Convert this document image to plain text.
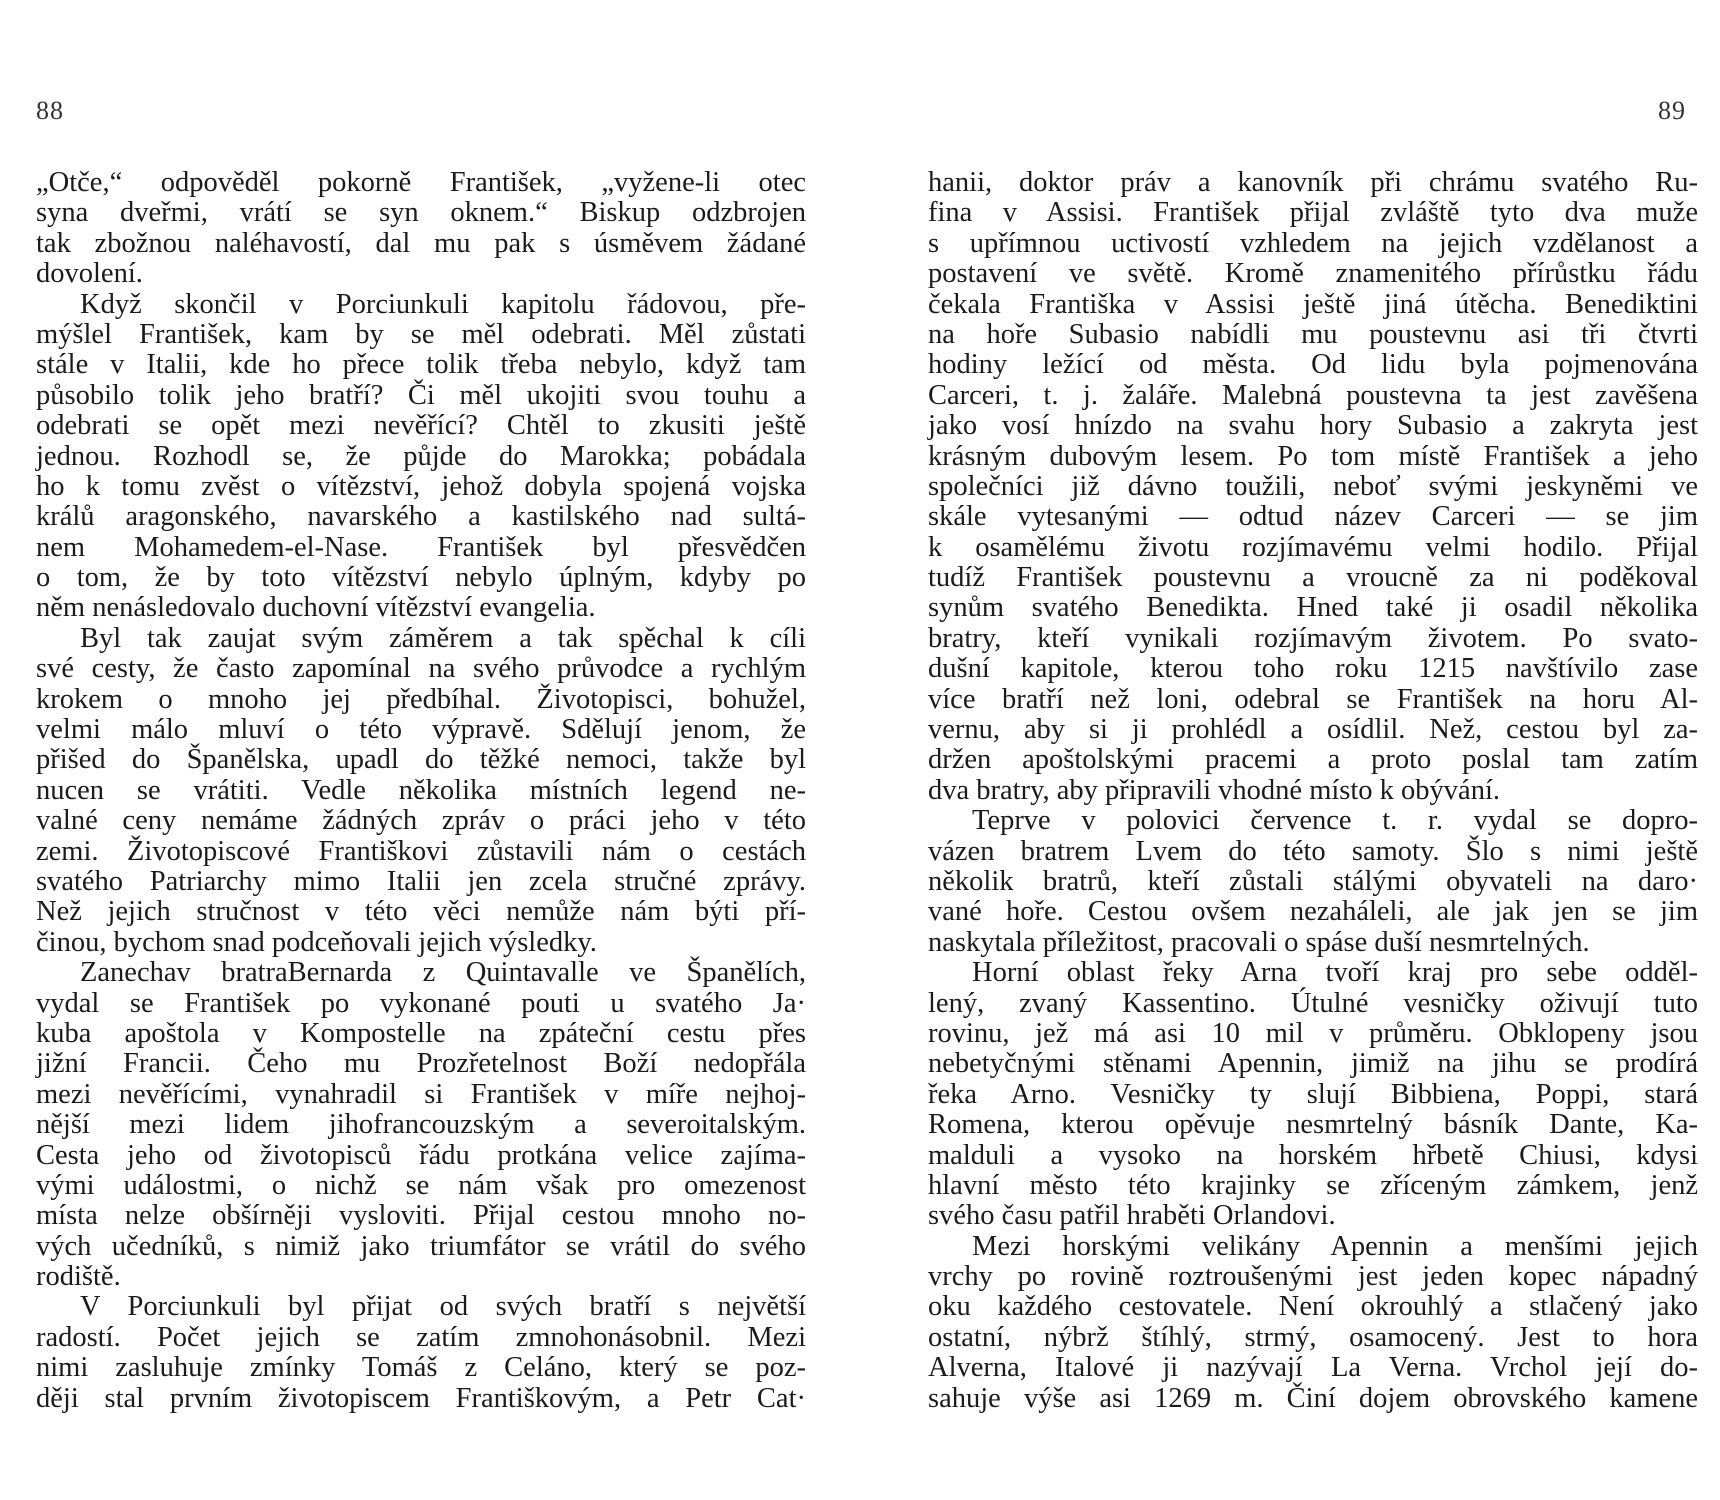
88
„Otče,“ odpověděl pokorně František, „vyžene-li otec
syna dveřmi, vrátí se syn oknem.“ Biskup odzbrojen
tak zbožnou naléhavostí, dal mu pak s úsměvem žádané
dovolení.
Když skončil v Porciunkuli kapitolu řádovou, pře-
mýšlel František, kam by se měl odebrati. Měl zůstati
stále v Italii, kde ho přece tolik třeba nebylo, když tam
působilo tolik jeho bratří? Či měl ukojiti svou touhu a
odebrati se opět mezi nevěřící? Chtěl to zkusiti ještě
jednou. Rozhodl se, že půjde do Marokka; pobádala
ho k tomu zvěst o vítězství, jehož dobyla spojená vojska
králů aragonského, navarského a kastilského nad sultá-
nem Mohamedem-el-Nase. František byl přesvědčen
o tom, že by toto vítězství nebylo úplným, kdyby po
něm nenásledovalo duchovní vítězství evangelia.
Byl tak zaujat svým záměrem a tak spěchal k cíli
své cesty, že často zapomínal na svého průvodce a rychlým
krokem o mnoho jej předbíhal. Životopisci, bohužel,
velmi málo mluví o této výpravě. Sdělují jenom, že
přišed do Španělska, upadl do těžké nemoci, takže byl
nucen se vrátiti. Vedle několika místních legend ne-
valné ceny nemáme žádných zpráv o práci jeho v této
zemi. Životopiscové Františkovi zůstavili nám o cestách
svatého Patriarchy mimo Italii jen zcela stručné zprávy.
Než jejich stručnost v této věci nemůže nám býti pří-
činou, bychom snad podceňovali jejich výsledky.
Zanechav bratraBernarda z Quintavalle ve Španělích,
vydal se František po vykonané pouti u svatého Ja·
kuba apoštola v Kompostelle na zpáteční cestu přes
jižní Francii. Čeho mu Prozřetelnost Boží nedopřála
mezi nevěřícími, vynahradil si František v míře nejhoj-
nější mezi lidem jihofrancouzským a severoitalským.
Cesta jeho od životopisců řádu protkána velice zajíma-
vými událostmi, o nichž se nám však pro omezenost
místa nelze obšírněji vysloviti. Přijal cestou mnoho no-
vých učedníků, s nimiž jako triumfátor se vrátil do svého
rodiště.
V Porciunkuli byl přijat od svých bratří s největší
radostí. Počet jejich se zatím zmnohonásobnil. Mezi
nimi zasluhuje zmínky Tomáš z Celáno, který se poz-
ději stal prvním životopiscem Františkovým, a Petr Cat·
89
hanii, doktor práv a kanovník při chrámu svatého Ru-
fina v Assisi. František přijal zvláště tyto dva muže
s upřímnou uctivostí vzhledem na jejich vzdělanost a
postavení ve světě. Kromě znamenitého přírůstku řádu
čekala Františka v Assisi ještě jiná útěcha. Benediktini
na hoře Subasio nabídli mu poustevnu asi tři čtvrti
hodiny ležící od města. Od lidu byla pojmenována
Carceri, t. j. žaláře. Malebná poustevna ta jest zavěšena
jako vosí hnízdo na svahu hory Subasio a zakryta jest
krásným dubovým lesem. Po tom místě František a jeho
společníci již dávno toužili, neboť svými jeskyněmi ve
skále vytesanými — odtud název Carceri — se jim
k osamělému životu rozjímavému velmi hodilo. Přijal
tudíž František poustevnu a vroucně za ni poděkoval
synům svatého Benedikta. Hned také ji osadil několika
bratry, kteří vynikali rozjímavým životem. Po svato-
dušní kapitole, kterou toho roku 1215 navštívilo zase
více bratří než loni, odebral se František na horu Al-
vernu, aby si ji prohlédl a osídlil. Než, cestou byl za-
držen apoštolskými pracemi a proto poslal tam zatím
dva bratry, aby připravili vhodné místo k obývání.
Teprve v polovici července t. r. vydal se dopro-
vázen bratrem Lvem do této samoty. Šlo s nimi ještě
několik bratrů, kteří zůstali stálými obyvateli na daro·
vané hoře. Cestou ovšem nezaháleli, ale jak jen se jim
naskytala příležitost, pracovali o spáse duší nesmrtelných.
Horní oblast řeky Arna tvoří kraj pro sebe odděl-
lený, zvaný Kassentino. Útulné vesničky oživují tuto
rovinu, jež má asi 10 mil v průměru. Obklopeny jsou
nebetyčnými stěnami Apennin, jimiž na jihu se prodírá
řeka Arno. Vesničky ty slují Bibbiena, Poppi, stará
Romena, kterou opěvuje nesmrtelný básník Dante, Ka-
malduli a vysoko na horském hřbetě Chiusi, kdysi
hlavní město této krajinky se zříceným zámkem, jenž
svého času patřil hraběti Orlandovi.
Mezi horskými velikány Apennin a menšími jejich
vrchy po rovině roztroušenými jest jeden kopec nápadný
oku každého cestovatele. Není okrouhlý a stlačený jako
ostatní, nýbrž štíhlý, strmý, osamocený. Jest to hora
Alverna, Italové ji nazývají La Verna. Vrchol její do-
sahuje výše asi 1269 m. Činí dojem obrovského kamene
